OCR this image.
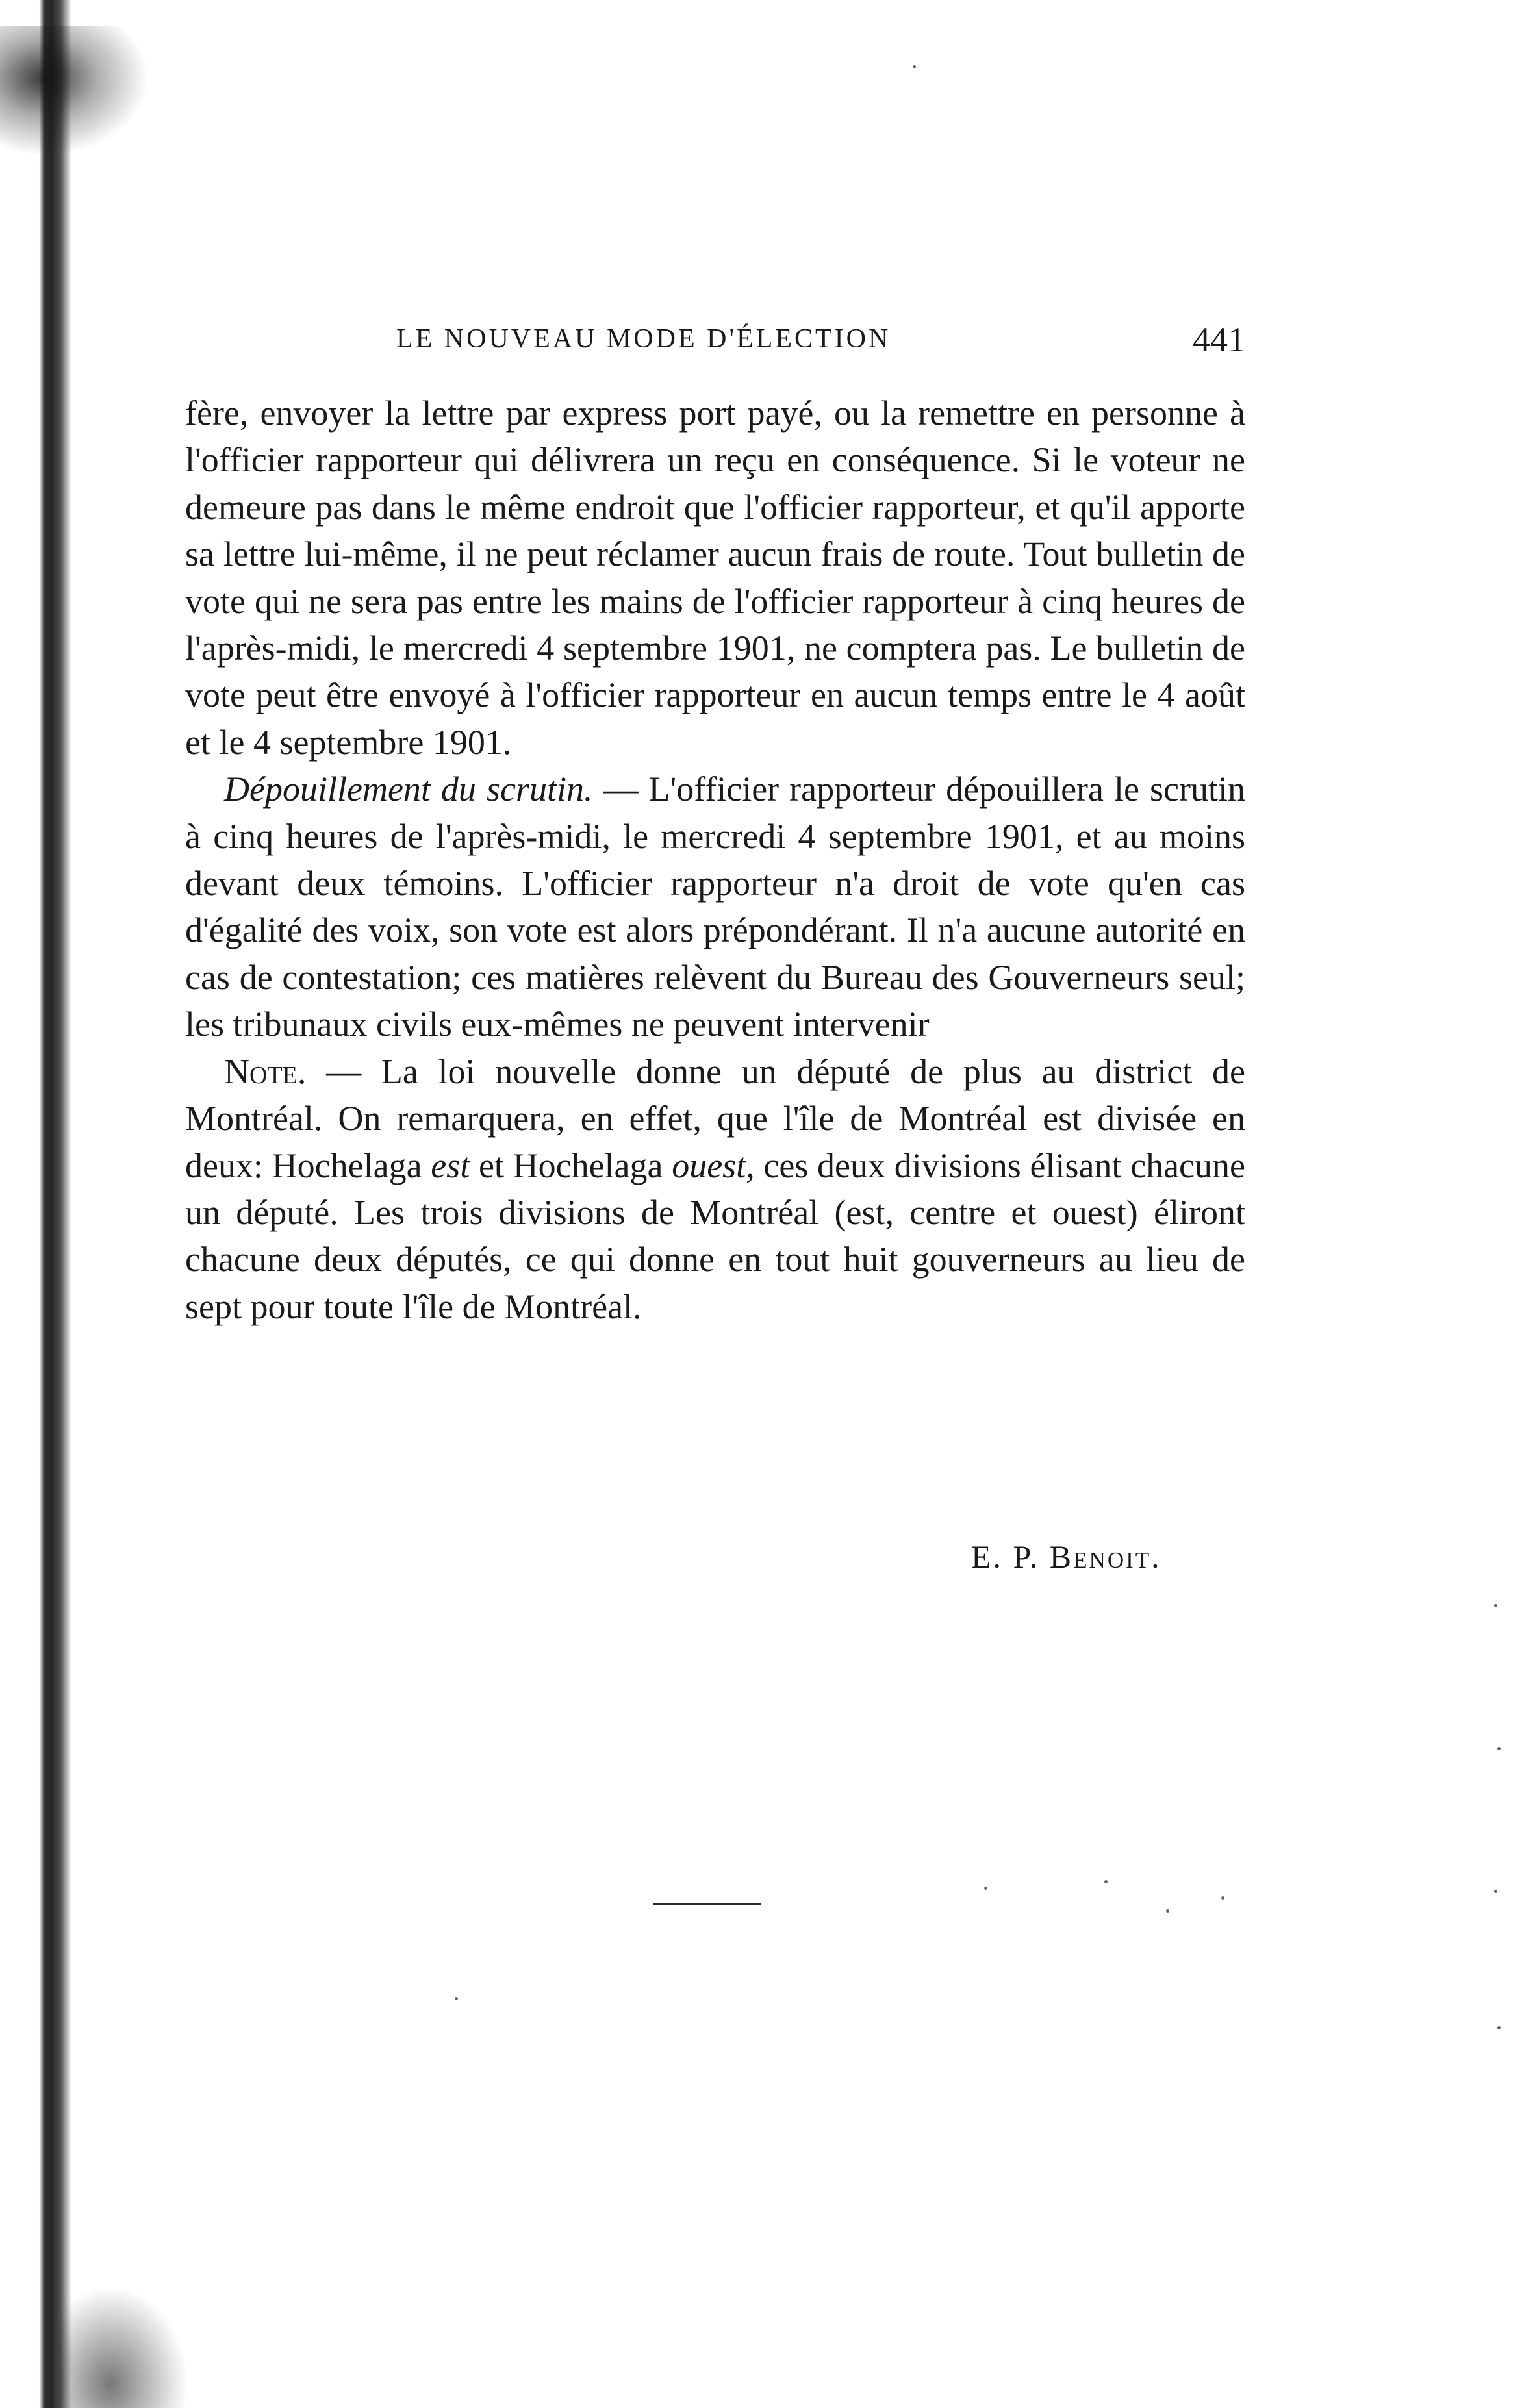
LE NOUVEAU MODE D'ÉLECTION	441

fère, envoyer la lettre par express port payé, ou la remettre en personne à l'officier rapporteur qui délivrera un reçu en conséquence. Si le voteur ne demeure pas dans le même endroit que l'officier rapporteur, et qu'il apporte sa lettre lui-même, il ne peut réclamer aucun frais de route. Tout bulletin de vote qui ne sera pas entre les mains de l'officier rapporteur à cinq heures de l'après-midi, le mercredi 4 septembre 1901, ne comptera pas. Le bulletin de vote peut être envoyé à l'officier rapporteur en aucun temps entre le 4 août et le 4 septembre 1901.

Dépouillement du scrutin. — L'officier rapporteur dépouillera le scrutin à cinq heures de l'après-midi, le mercredi 4 septembre 1901, et au moins devant deux témoins. L'officier rapporteur n'a droit de vote qu'en cas d'égalité des voix, son vote est alors prépondérant. Il n'a aucune autorité en cas de contestation; ces matières relèvent du Bureau des Gouverneurs seul; les tribunaux civils eux-mêmes ne peuvent intervenir

Note. — La loi nouvelle donne un député de plus au district de Montréal. On remarquera, en effet, que l'île de Montréal est divisée en deux: Hochelaga est et Hochelaga ouest, ces deux divisions élisant chacune un député. Les trois divisions de Montréal (est, centre et ouest) éliront chacune deux députés, ce qui donne en tout huit gouverneurs au lieu de sept pour toute l'île de Montréal.

E. P. Benoit.
